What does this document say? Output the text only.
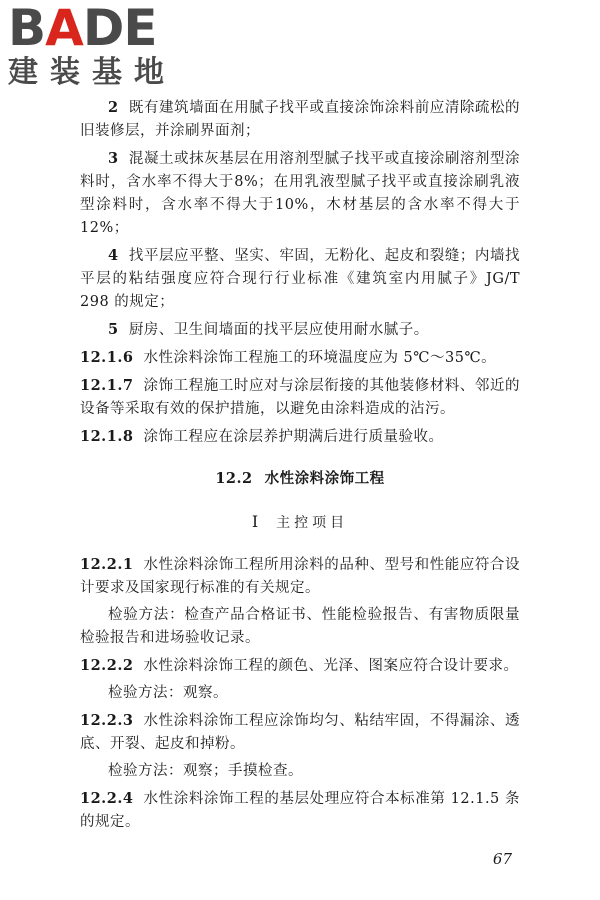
BADE
建装基地

2 既有建筑墙面在用腻子找平或直接涂饰涂料前应清除疏松的旧装修层，并涂刷界面剂；

3 混凝土或抹灰基层在用溶剂型腻子找平或直接涂刷溶剂型涂料时，含水率不得大于8%；在用乳液型腻子找平或直接涂刷乳液型涂料时，含水率不得大于10%，木材基层的含水率不得大于12%；

4 找平层应平整、坚实、牢固，无粉化、起皮和裂缝；内墙找平层的粘结强度应符合现行行业标准《建筑室内用腻子》JG/T 298 的规定；

5 厨房、卫生间墙面的找平层应使用耐水腻子。

12.1.6 水性涂料涂饰工程施工的环境温度应为 5℃～35℃。

12.1.7 涂饰工程施工时应对与涂层衔接的其他装修材料、邻近的设备等采取有效的保护措施，以避免由涂料造成的沾污。

12.1.8 涂饰工程应在涂层养护期满后进行质量验收。

12.2 水性涂料涂饰工程
Ⅰ 主控项目

12.2.1 水性涂料涂饰工程所用涂料的品种、型号和性能应符合设计要求及国家现行标准的有关规定。

检验方法：检查产品合格证书、性能检验报告、有害物质限量检验报告和进场验收记录。

12.2.2 水性涂料涂饰工程的颜色、光泽、图案应符合设计要求。

检验方法：观察。

12.2.3 水性涂料涂饰工程应涂饰均匀、粘结牢固，不得漏涂、透底、开裂、起皮和掉粉。

检验方法：观察；手摸检查。

12.2.4 水性涂料涂饰工程的基层处理应符合本标准第 12.1.5 条的规定。

67
